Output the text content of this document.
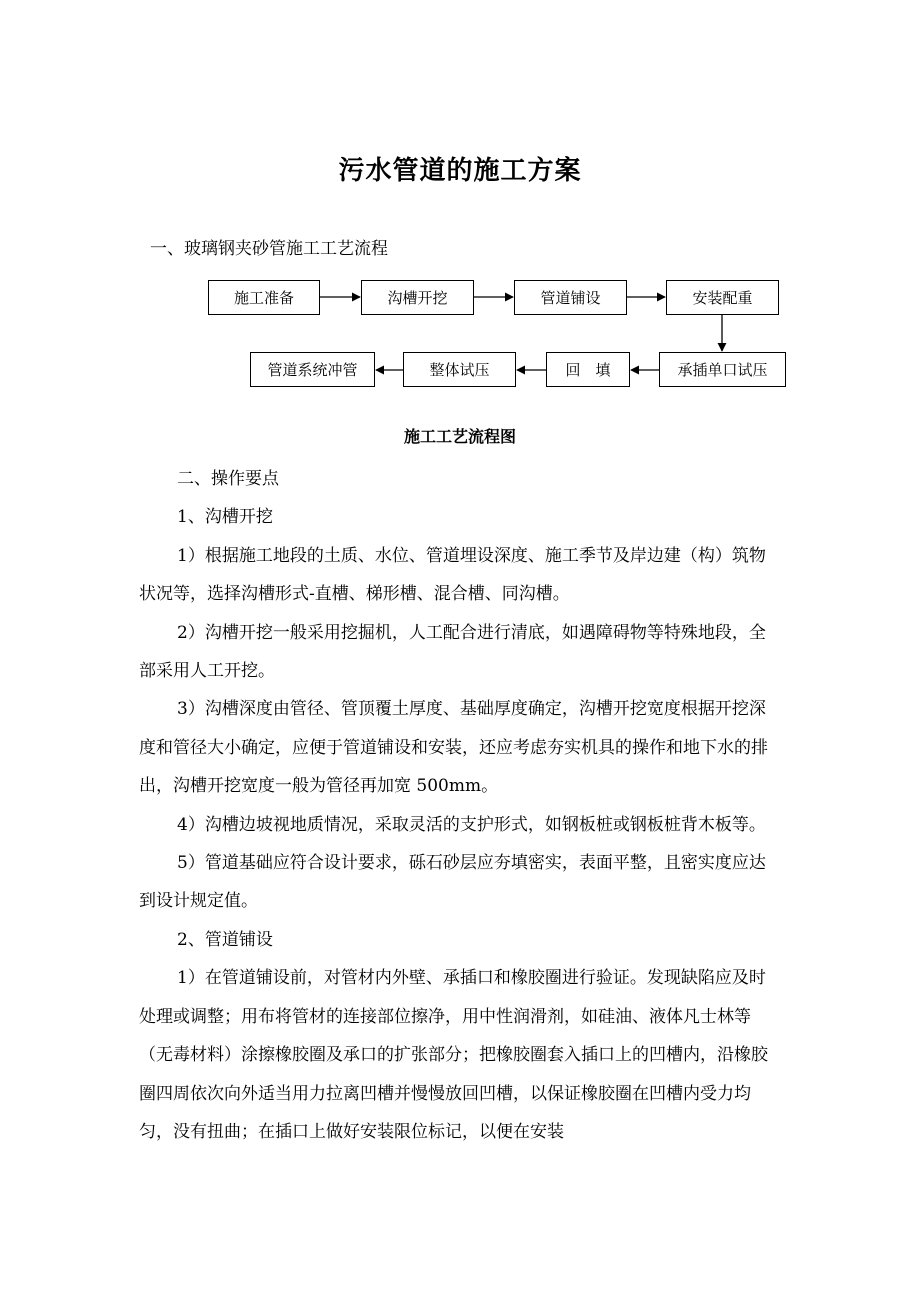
污水管道的施工方案
一、玻璃钢夹砂管施工工艺流程
施工准备	沟槽开挖	管道铺设	安装配重
承插单口试压
回　填
整体试压
管道系统冲管
施工工艺流程图

二、操作要点

1、沟槽开挖

1）根据施工地段的土质、水位、管道埋设深度、施工季节及岸边建（构）筑物状况等，选择沟槽形式-直槽、梯形槽、混合槽、同沟槽。

2）沟槽开挖一般采用挖掘机，人工配合进行清底，如遇障碍物等特殊地段，全部采用人工开挖。

3）沟槽深度由管径、管顶覆土厚度、基础厚度确定，沟槽开挖宽度根据开挖深度和管径大小确定，应便于管道铺设和安装，还应考虑夯实机具的操作和地下水的排出，沟槽开挖宽度一般为管径再加宽 500mm。

4）沟槽边坡视地质情况，采取灵活的支护形式，如钢板桩或钢板桩背木板等。

5）管道基础应符合设计要求，砾石砂层应夯填密实，表面平整，且密实度应达到设计规定值。

2、管道铺设

1）在管道铺设前，对管材内外壁、承插口和橡胶圈进行验证。发现缺陷应及时处理或调整；用布将管材的连接部位擦净，用中性润滑剂，如硅油、液体凡士林等（无毒材料）涂擦橡胶圈及承口的扩张部分；把橡胶圈套入插口上的凹槽内，沿橡胶圈四周依次向外适当用力拉离凹槽并慢慢放回凹槽，以保证橡胶圈在凹槽内受力均匀，没有扭曲；在插口上做好安装限位标记，以便在安装
